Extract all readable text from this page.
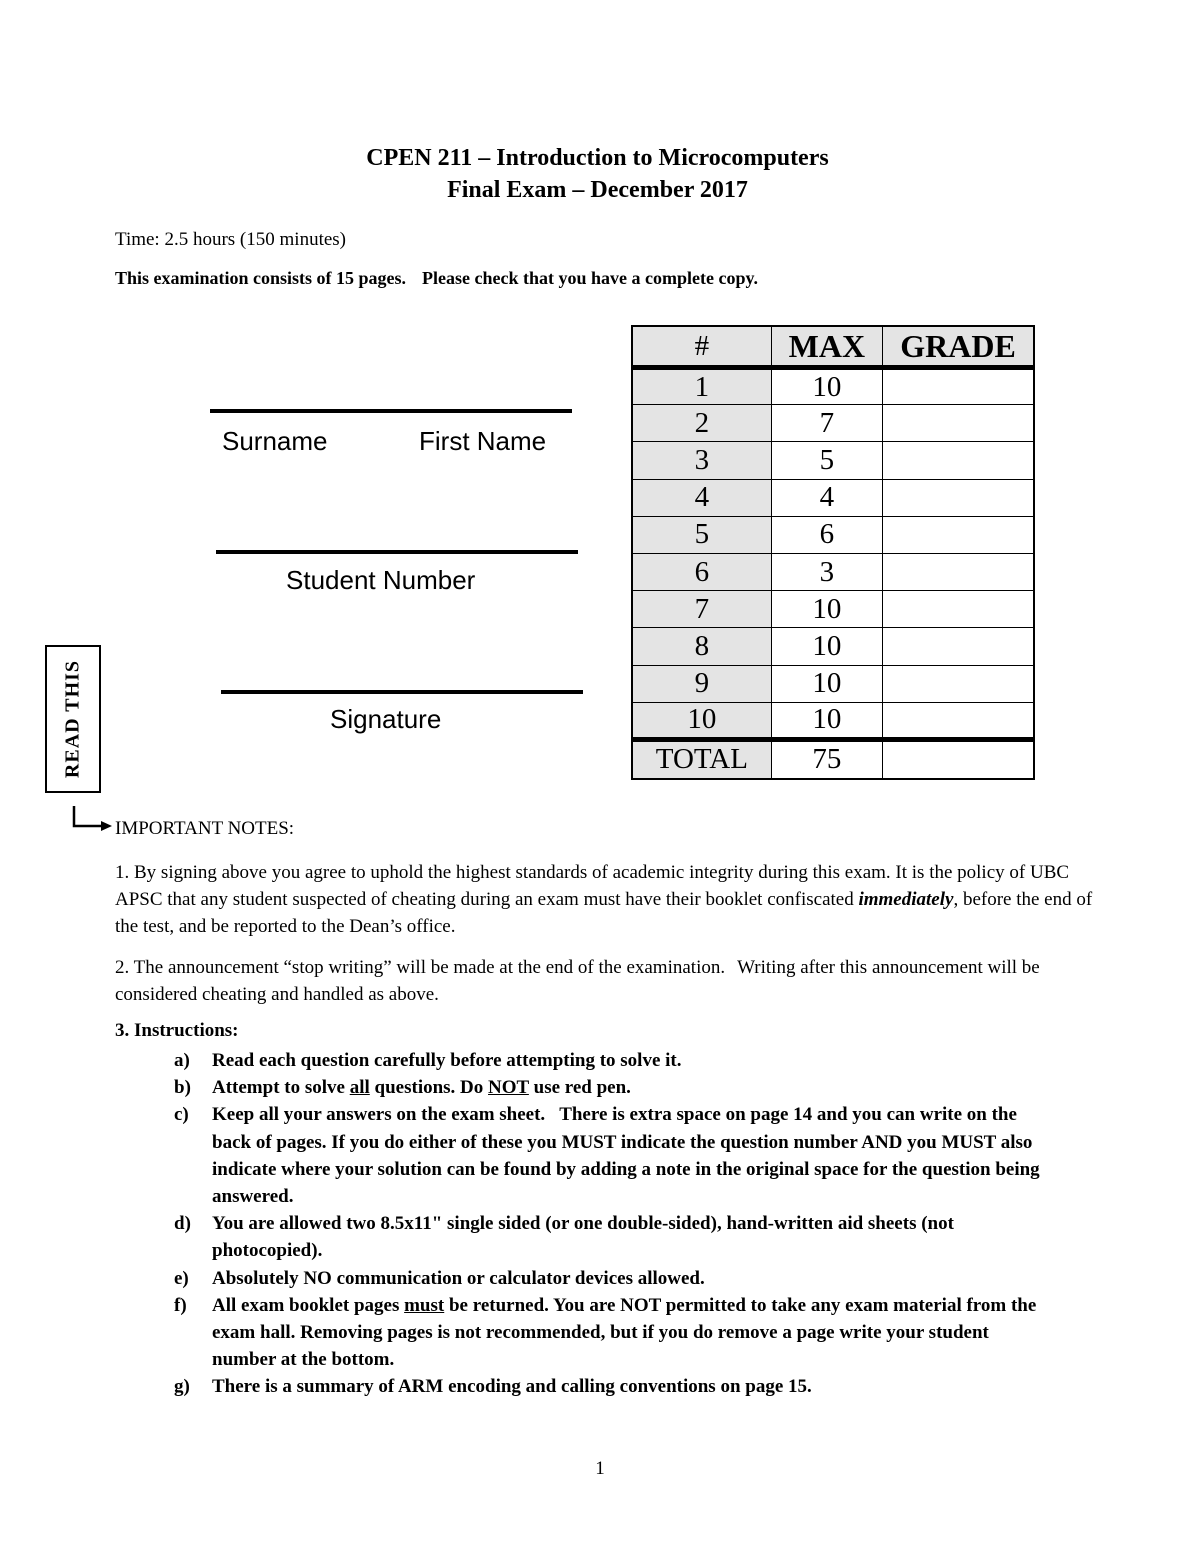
CPEN 211 – Introduction to Microcomputers
Final Exam – December 2017
Time: 2.5 hours (150 minutes)
This examination consists of 15 pages. Please check that you have a complete copy.
Surname	First Name
Student Number
Signature
#	MAX	GRADE
1	10	
2	7	
3	5	
4	4	
5	6	
6	3	
7	10	
8	10	
9	10	
10	10	
TOTAL	75	
READ THIS
IMPORTANT NOTES:
1. By signing above you agree to uphold the highest standards of academic integrity during this exam. It is the policy of UBC APSC that any student suspected of cheating during an exam must have their booklet confiscated immediately, before the end of the test, and be reported to the Dean’s office.
2. The announcement “stop writing” will be made at the end of the examination. Writing after this announcement will be considered cheating and handled as above.
3. Instructions:
a) Read each question carefully before attempting to solve it.
b) Attempt to solve all questions. Do NOT use red pen.
c) Keep all your answers on the exam sheet. There is extra space on page 14 and you can write on the back of pages. If you do either of these you MUST indicate the question number AND you MUST also indicate where your solution can be found by adding a note in the original space for the question being answered.
d) You are allowed two 8.5x11" single sided (or one double-sided), hand-written aid sheets (not photocopied).
e) Absolutely NO communication or calculator devices allowed.
f) All exam booklet pages must be returned. You are NOT permitted to take any exam material from the exam hall. Removing pages is not recommended, but if you do remove a page write your student number at the bottom.
g) There is a summary of ARM encoding and calling conventions on page 15.
1
